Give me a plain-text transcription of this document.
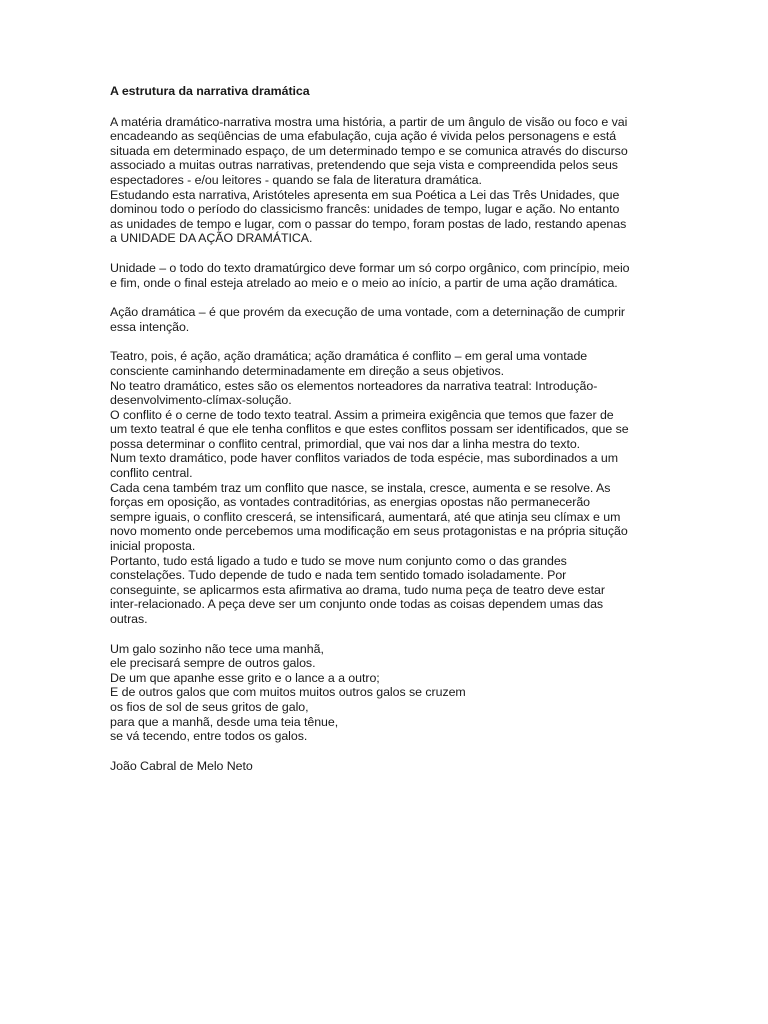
A estrutura da narrativa dramática
A matéria dramático-narrativa mostra uma história, a partir de um ângulo de visão ou foco e vai
encadeando as seqüências de uma efabulação, cuja ação é vivida pelos personagens e está
situada em determinado espaço, de um determinado tempo e se comunica através do discurso
associado a muitas outras narrativas, pretendendo que seja vista e compreendida pelos seus
espectadores - e/ou leitores - quando se fala de literatura dramática.
Estudando esta narrativa, Aristóteles apresenta em sua Poética a Lei das Três Unidades, que
dominou todo o período do classicismo francês: unidades de tempo, lugar e ação. No entanto
as unidades de tempo e lugar, com o passar do tempo, foram postas de lado, restando apenas
a UNIDADE DA AÇÃO DRAMÁTICA.
Unidade – o todo do texto dramatúrgico deve formar um só corpo orgânico, com princípio, meio
e fim, onde o final esteja atrelado ao meio e o meio ao início, a partir de uma ação dramática.
Ação dramática – é que provém da execução de uma vontade, com a deterninação de cumprir
essa intenção.
Teatro, pois, é ação, ação dramática; ação dramática é conflito – em geral uma vontade
consciente caminhando determinadamente em direção a seus objetivos.
No teatro dramático, estes são os elementos norteadores da narrativa teatral: Introdução-
desenvolvimento-clímax-solução.
O conflito é o cerne de todo texto teatral. Assim a primeira exigência que temos que fazer de
um texto teatral é que ele tenha conflitos e que estes conflitos possam ser identificados, que se
possa determinar o conflito central, primordial, que vai nos dar a linha mestra do texto.
Num texto dramático, pode haver conflitos variados de toda espécie, mas subordinados a um
conflito central.
Cada cena também traz um conflito que nasce, se instala, cresce, aumenta e se resolve. As
forças em oposição, as vontades contraditórias, as energias opostas não permanecerão
sempre iguais, o conflito crescerá, se intensificará, aumentará, até que atinja seu clímax e um
novo momento onde percebemos uma modificação em seus protagonistas e na própria situção
inicial proposta.
Portanto, tudo está ligado a tudo e tudo se move num conjunto como o das grandes
constelações. Tudo depende de tudo e nada tem sentido tomado isoladamente. Por
conseguinte, se aplicarmos esta afirmativa ao drama, tudo numa peça de teatro deve estar
inter-relacionado. A peça deve ser um conjunto onde todas as coisas dependem umas das
outras.
Um galo sozinho não tece uma manhã,
ele precisará sempre de outros galos.
De um que apanhe esse grito e o lance a a outro;
E de outros galos que com muitos muitos outros galos se cruzem
os fios de sol de seus gritos de galo,
para que a manhã, desde uma teia tênue,
se vá tecendo, entre todos os galos.
João Cabral de Melo Neto
